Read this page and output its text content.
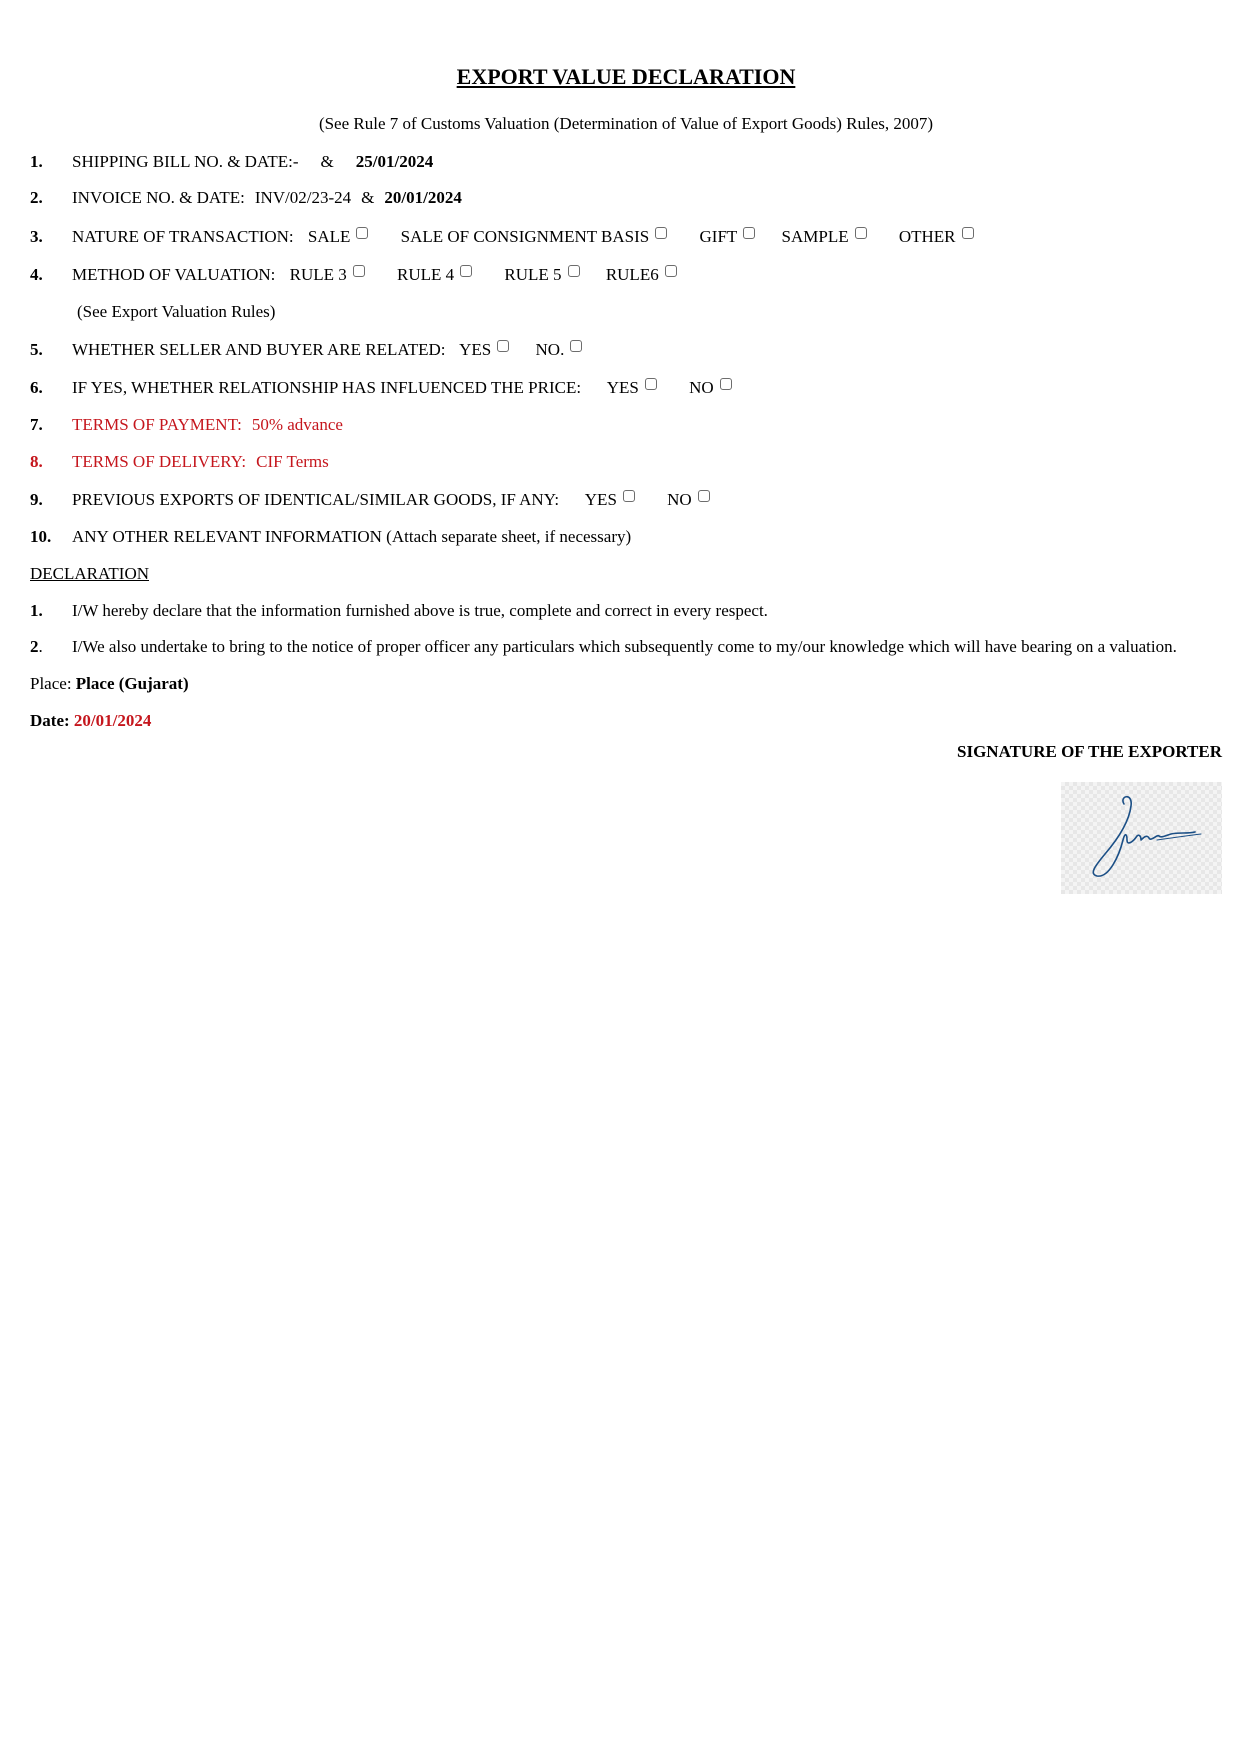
EXPORT VALUE DECLARATION
(See Rule 7 of Customs Valuation (Determination of Value of Export Goods) Rules, 2007)
1. SHIPPING BILL NO. & DATE:- & 25/01/2024
2. INVOICE NO. & DATE: INV/02/23-24 & 20/01/2024
3. NATURE OF TRANSACTION: SALE	SALE OF CONSIGNMENT BASIS	GIFT	SAMPLE	OTHER
4. METHOD OF VALUATION: RULE 3	RULE 4	RULE 5	RULE6
(See Export Valuation Rules)
5. WHETHER SELLER AND BUYER ARE RELATED: YES	NO.
6. IF YES, WHETHER RELATIONSHIP HAS INFLUENCED THE PRICE: YES	NO
7. TERMS OF PAYMENT: 50% advance
8. TERMS OF DELIVERY: CIF Terms
9. PREVIOUS EXPORTS OF IDENTICAL/SIMILAR GOODS, IF ANY: YES	NO
10. ANY OTHER RELEVANT INFORMATION (Attach separate sheet, if necessary)
DECLARATION
1. I/W hereby declare that the information furnished above is true, complete and correct in every respect.
2. I/We also undertake to bring to the notice of proper officer any particulars which subsequently come to my/our knowledge which will have bearing on a valuation.
Place: Place (Gujarat)
Date: 20/01/2024
SIGNATURE OF THE EXPORTER
